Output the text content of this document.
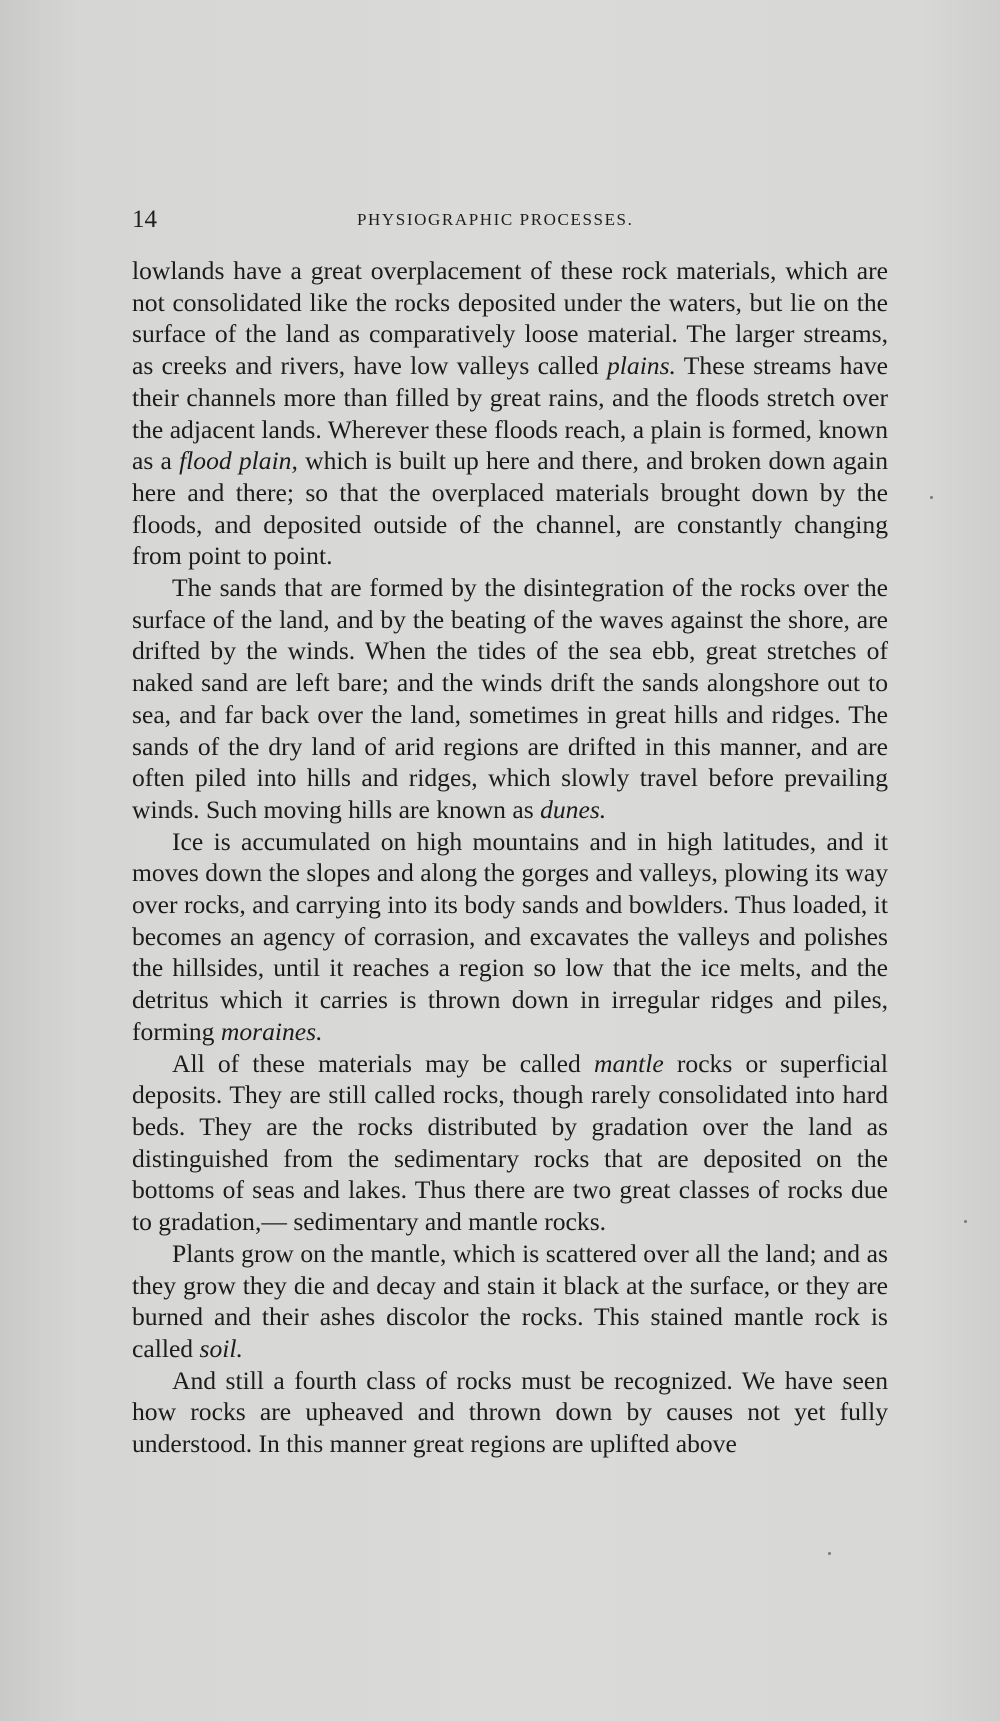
14	PHYSIOGRAPHIC PROCESSES.

lowlands have a great overplacement of these rock materials, which are not consolidated like the rocks deposited under the waters, but lie on the surface of the land as comparatively loose material. The larger streams, as creeks and rivers, have low valleys called plains. These streams have their channels more than filled by great rains, and the floods stretch over the adjacent lands. Wherever these floods reach, a plain is formed, known as a flood plain, which is built up here and there, and broken down again here and there; so that the overplaced materials brought down by the floods, and deposited outside of the channel, are constantly changing from point to point.

The sands that are formed by the disintegration of the rocks over the surface of the land, and by the beating of the waves against the shore, are drifted by the winds. When the tides of the sea ebb, great stretches of naked sand are left bare; and the winds drift the sands alongshore out to sea, and far back over the land, sometimes in great hills and ridges. The sands of the dry land of arid regions are drifted in this manner, and are often piled into hills and ridges, which slowly travel before prevailing winds. Such moving hills are known as dunes.

Ice is accumulated on high mountains and in high latitudes, and it moves down the slopes and along the gorges and valleys, plowing its way over rocks, and carrying into its body sands and bowlders. Thus loaded, it becomes an agency of corrasion, and excavates the valleys and polishes the hillsides, until it reaches a region so low that the ice melts, and the detritus which it carries is thrown down in irregular ridges and piles, forming moraines.

All of these materials may be called mantle rocks or superficial deposits. They are still called rocks, though rarely consolidated into hard beds. They are the rocks distributed by gradation over the land as distinguished from the sedimentary rocks that are deposited on the bottoms of seas and lakes. Thus there are two great classes of rocks due to gradation,— sedimentary and mantle rocks.

Plants grow on the mantle, which is scattered over all the land; and as they grow they die and decay and stain it black at the surface, or they are burned and their ashes discolor the rocks. This stained mantle rock is called soil.

And still a fourth class of rocks must be recognized. We have seen how rocks are upheaved and thrown down by causes not yet fully understood. In this manner great regions are uplifted above
